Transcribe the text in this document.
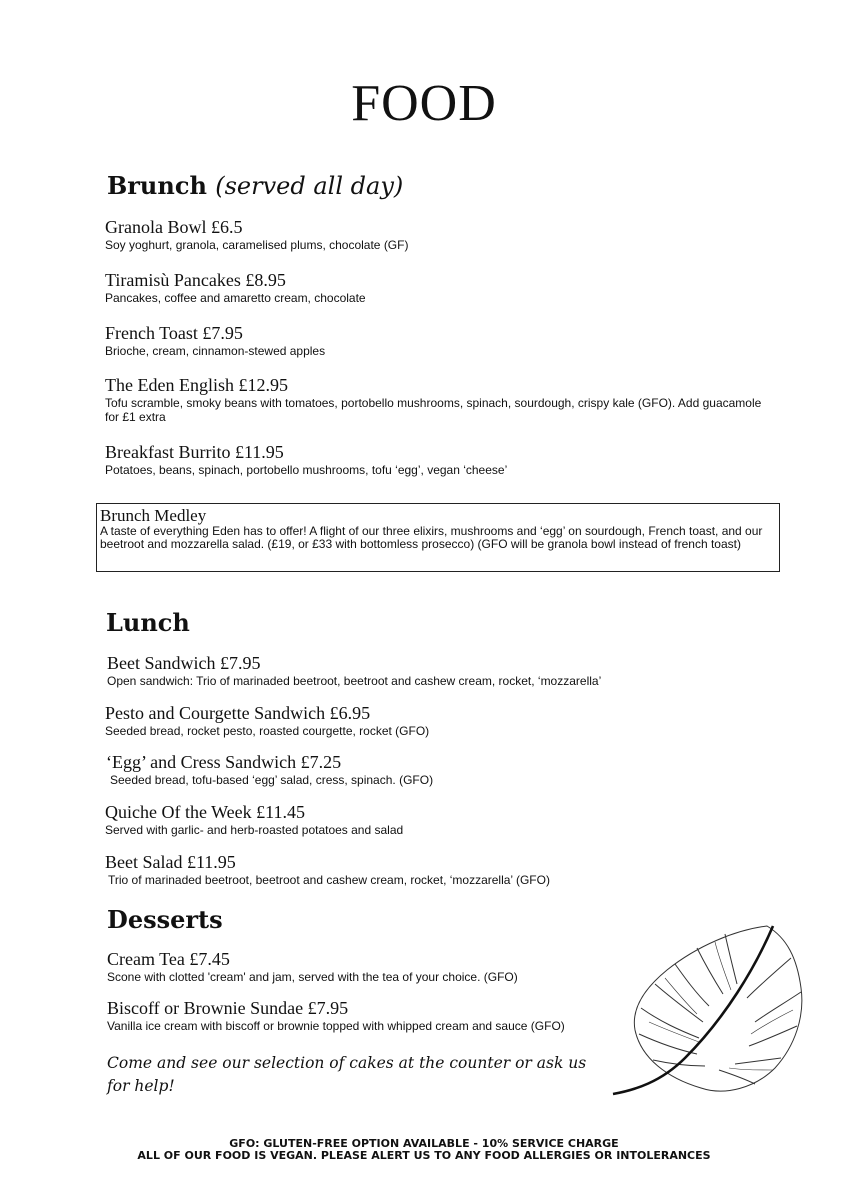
FOOD
Brunch (served all day)
Granola Bowl £6.5
Soy yoghurt, granola, caramelised plums, chocolate (GF)
Tiramisù Pancakes £8.95
Pancakes, coffee and amaretto cream, chocolate
French Toast £7.95
Brioche, cream, cinnamon-stewed apples
The Eden English £12.95
Tofu scramble, smoky beans with tomatoes, portobello mushrooms, spinach, sourdough, crispy kale (GFO). Add guacamole for £1 extra
Breakfast Burrito £11.95
Potatoes, beans, spinach, portobello mushrooms, tofu ‘egg’, vegan ‘cheese’
Brunch Medley
A taste of everything Eden has to offer! A flight of our three elixirs, mushrooms and ‘egg’ on sourdough, French toast, and our beetroot and mozzarella salad. (£19, or £33 with bottomless prosecco) (GFO will be granola bowl instead of french toast)
Lunch
Beet Sandwich £7.95
Open sandwich: Trio of marinaded beetroot, beetroot and cashew cream, rocket, ‘mozzarella’
Pesto and Courgette Sandwich £6.95
Seeded bread, rocket pesto, roasted courgette, rocket (GFO)
‘Egg’ and Cress Sandwich £7.25
Seeded bread, tofu-based ‘egg’ salad, cress, spinach. (GFO)
Quiche Of the Week £11.45
Served with garlic- and herb-roasted potatoes and salad
Beet Salad £11.95
Trio of marinaded beetroot, beetroot and cashew cream, rocket, ‘mozzarella’ (GFO)
Desserts
Cream Tea £7.45
Scone with clotted 'cream' and jam, served with the tea of your choice. (GFO)
Biscoff or Brownie Sundae £7.95
Vanilla ice cream with biscoff or brownie topped with whipped cream and sauce (GFO)
Come and see our selection of cakes at the counter or ask us for help!
GFO: GLUTEN-FREE OPTION AVAILABLE - 10% SERVICE CHARGE
ALL OF OUR FOOD IS VEGAN. PLEASE ALERT US TO ANY FOOD ALLERGIES OR INTOLERANCES
